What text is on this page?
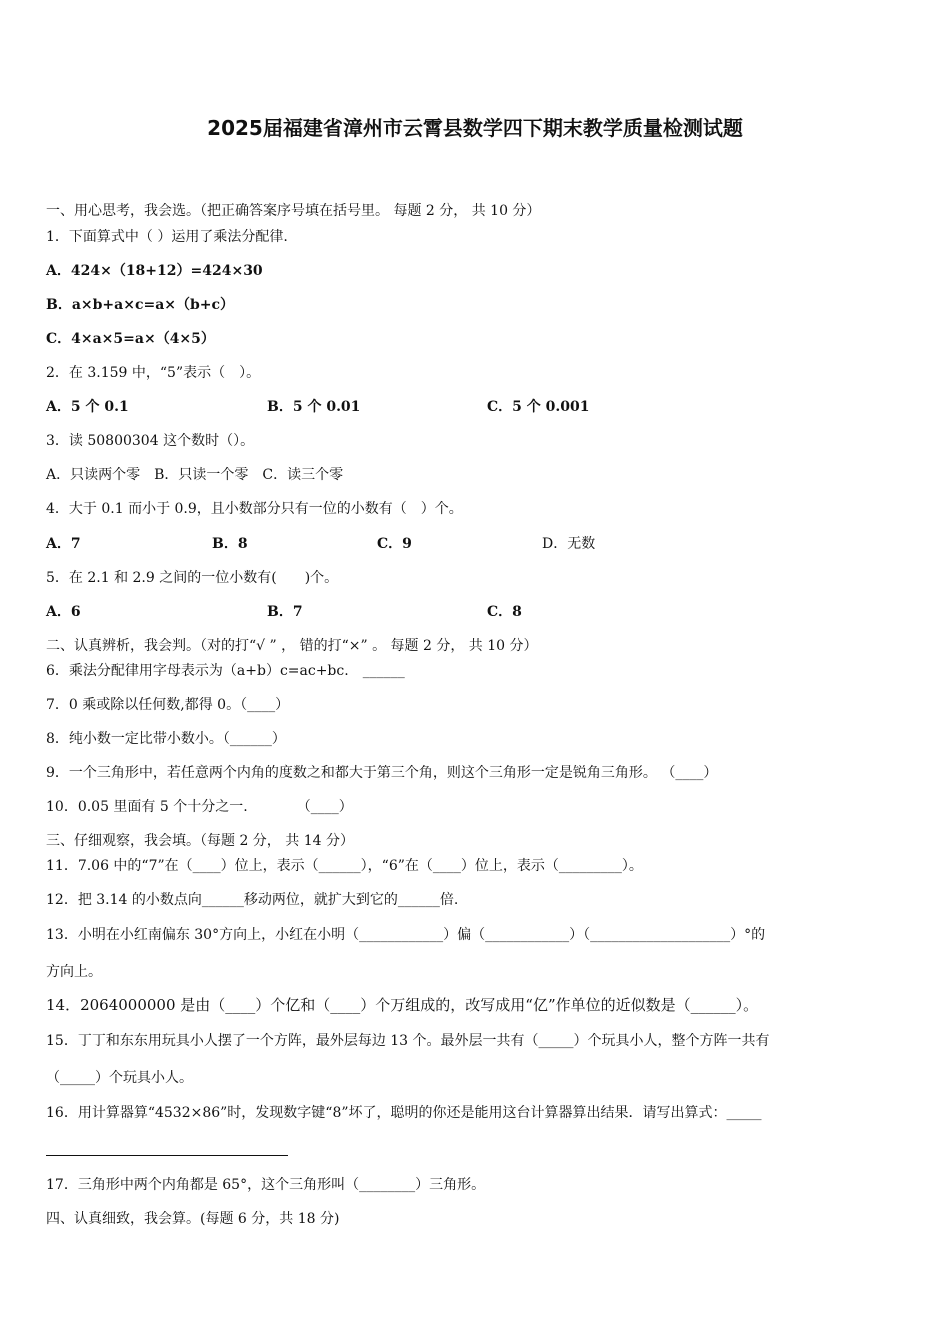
2025届福建省漳州市云霄县数学四下期末教学质量检测试题
一、用心思考，我会选。（把正确答案序号填在括号里。 每题 2 分， 共 10 分）
1．下面算式中（ ）运用了乘法分配律.
A．424×（18+12）=424×30
B．a×b+a×c=a×（b+c）
C．4×a×5=a×（4×5）
2．在 3.159 中，“5”表示（　）。
A．5 个 0.1	B．5 个 0.01	C．5 个 0.001
3．读 50800304 这个数时（）。
A．只读两个零　B．只读一个零　C．读三个零
4．大于 0.1 而小于 0.9，且小数部分只有一位的小数有（　）个。
A．7	B．8	C．9	D．无数
5．在 2.1 和 2.9 之间的一位小数有(　　)个。
A．6	B．7	C．8
二、认真辨析，我会判。（对的打“√ ” ， 错的打“×” 。 每题 2 分， 共 10 分）
6．乘法分配律用字母表示为（a+b）c=ac+bc.　______
7．0 乘或除以任何数,都得 0。（____）
8．纯小数一定比带小数小。（______）
9．一个三角形中，若任意两个内角的度数之和都大于第三个角，则这个三角形一定是锐角三角形。 （____）
10．0.05 里面有 5 个十分之一.　　　　（____）
三、仔细观察，我会填。（每题 2 分， 共 14 分）
11．7.06 中的“7”在（____）位上，表示（______），“6”在（____）位上，表示（_________）。
12．把 3.14 的小数点向______移动两位，就扩大到它的______倍.
13．小明在小红南偏东 30°方向上，小红在小明（____________）偏（____________）（____________________）°的
方向上。
14．2064000000 是由（____）个亿和（____）个万组成的，改写成用“亿”作单位的近似数是（______）。
15．丁丁和东东用玩具小人摆了一个方阵，最外层每边 13 个。最外层一共有（_____）个玩具小人，整个方阵一共有
（_____）个玩具小人。
16．用计算器算“4532×86”时，发现数字键“8”坏了，聪明的你还是能用这台计算器算出结果．请写出算式：_____
17．三角形中两个内角都是 65°，这个三角形叫（________）三角形。
四、认真细致，我会算。(每题 6 分，共 18 分)
